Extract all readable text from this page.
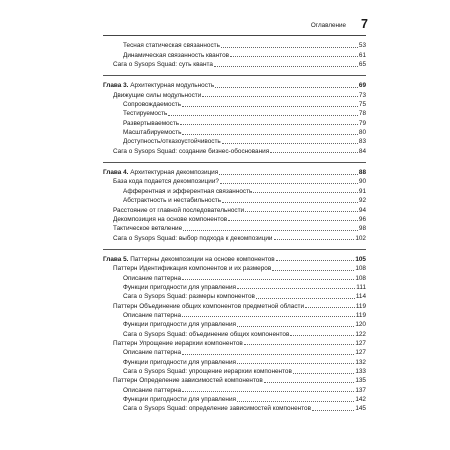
Оглавление 7
Тесная статическая связанность	53
Динамическая связанность квантов	61
Сага о Sysops Squad: суть кванта	65
Глава 3. Архитектурная модульность	69
Движущие силы модульности	73
Сопровождаемость	75
Тестируемость	78
Развертываемость	79
Масштабируемость	80
Доступность/отказоустойчивость	83
Сага о Sysops Squad: создание бизнес-обоснования	84
Глава 4. Архитектурная декомпозиция	88
База кода подается декомпозиции?	90
Афферентная и эфферентная связанность	91
Абстрактность и нестабильность	92
Расстояние от главной последовательности	94
Декомпозиция на основе компонентов	96
Тактическое ветвление	98
Сага о Sysops Squad: выбор подхода к декомпозиции	102
Глава 5. Паттерны декомпозиции на основе компонентов	105
Паттерн Идентификация компонентов и их размеров	108
Описание паттерна	108
Функции пригодности для управления	111
Сага о Sysops Squad: размеры компонентов	114
Паттерн Объединение общих компонентов предметной области	119
Описание паттерна	119
Функции пригодности для управления	120
Сага о Sysops Squad: объединение общих компонентов	122
Паттерн Упрощение иерархии компонентов	127
Описание паттерна	127
Функции пригодности для управления	132
Сага о Sysops Squad: упрощение иерархии компонентов	133
Паттерн Определение зависимостей компонентов	135
Описание паттерна	137
Функции пригодности для управления	142
Сага о Sysops Squad: определение зависимостей компонентов	145
